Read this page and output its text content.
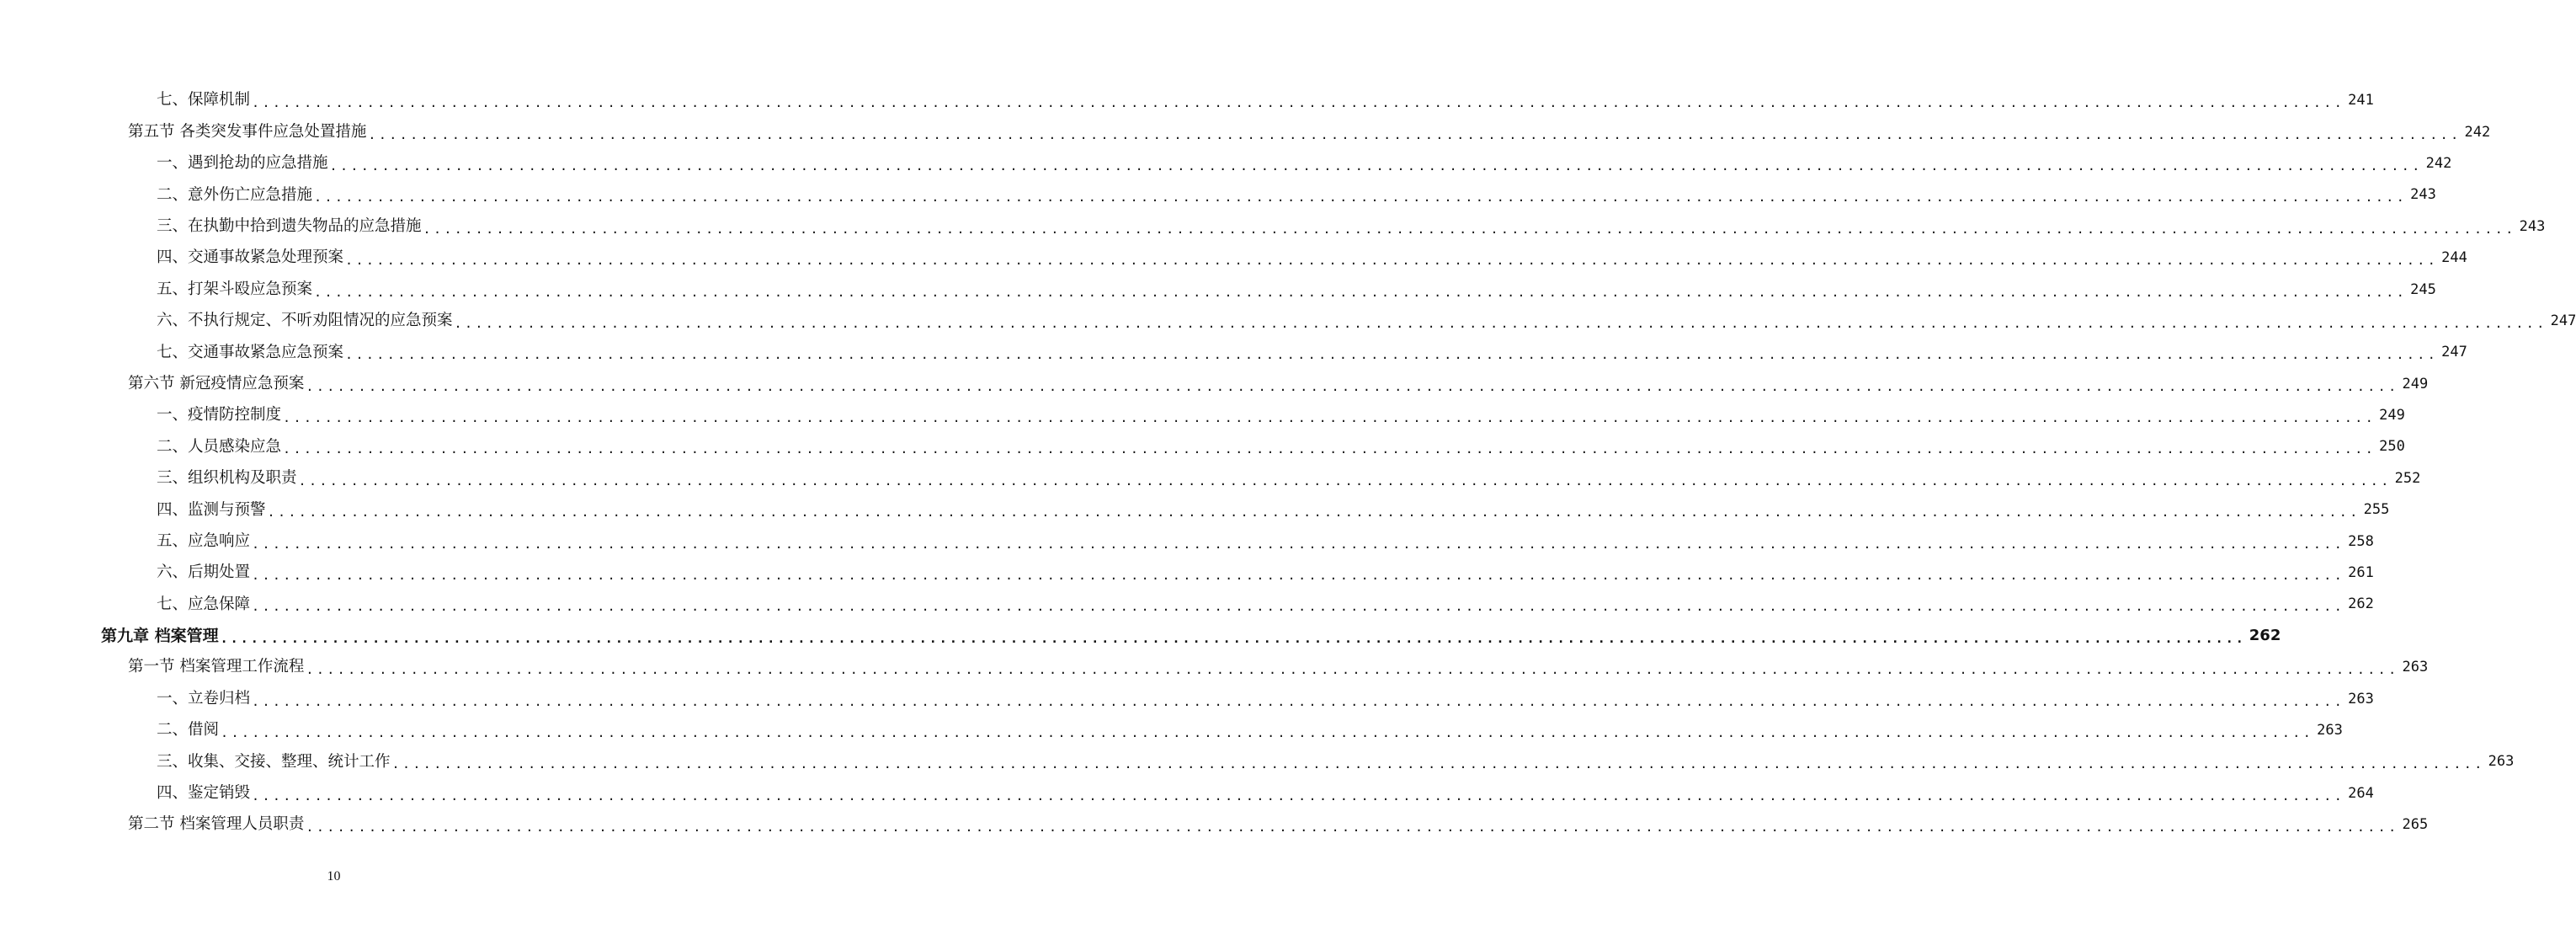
七、保障机制 ........................................................................................................................................................................................................ 241
第五节 各类突发事件应急处置措施 ........................................................................................................................................................................................................ 242
一、遇到抢劫的应急措施 ........................................................................................................................................................................................................ 242
二、意外伤亡应急措施 ........................................................................................................................................................................................................ 243
三、在执勤中拾到遗失物品的应急措施 ........................................................................................................................................................................................................ 243
四、交通事故紧急处理预案 ........................................................................................................................................................................................................ 244
五、打架斗殴应急预案 ........................................................................................................................................................................................................ 245
六、不执行规定、不听劝阻情况的应急预案 ........................................................................................................................................................................................................ 247
七、交通事故紧急应急预案 ........................................................................................................................................................................................................ 247
第六节 新冠疫情应急预案 ........................................................................................................................................................................................................ 249
一、疫情防控制度 ........................................................................................................................................................................................................ 249
二、人员感染应急 ........................................................................................................................................................................................................ 250
三、组织机构及职责 ........................................................................................................................................................................................................ 252
四、监测与预警 ........................................................................................................................................................................................................ 255
五、应急响应 ........................................................................................................................................................................................................ 258
六、后期处置 ........................................................................................................................................................................................................ 261
七、应急保障 ........................................................................................................................................................................................................ 262
第九章 档案管理 ........................................................................................................................................................................................................ 262
第一节 档案管理工作流程 ........................................................................................................................................................................................................ 263
一、立卷归档 ........................................................................................................................................................................................................ 263
二、借阅 ........................................................................................................................................................................................................ 263
三、收集、交接、整理、统计工作 ........................................................................................................................................................................................................ 263
四、鉴定销毁 ........................................................................................................................................................................................................ 264
第二节 档案管理人员职责 ........................................................................................................................................................................................................ 265
10
